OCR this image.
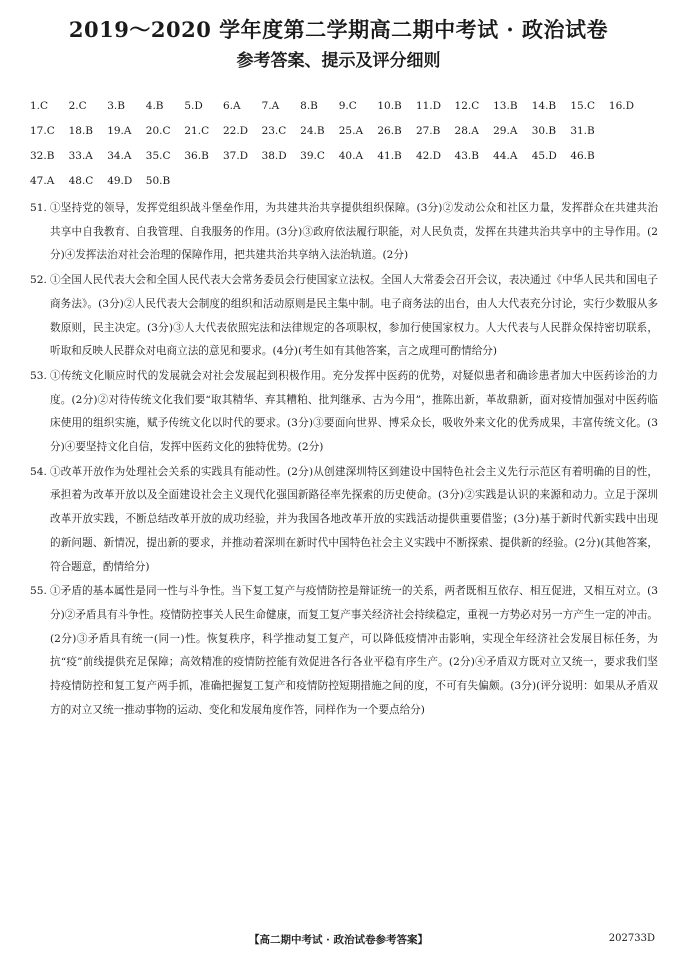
2019～2020 学年度第二学期高二期中考试 · 政治试卷
参考答案、提示及评分细则
1.C	2.C	3.B	4.B	5.D	6.A	7.A	8.B	9.C	10.B	11.D	12.C	13.B	14.B	15.C	16.D
17.C	18.B	19.A	20.C	21.C	22.D	23.C	24.B	25.A	26.B	27.B	28.A	29.A	30.B	31.B
32.B	33.A	34.A	35.C	36.B	37.D	38.D	39.C	40.A	41.B	42.D	43.B	44.A	45.D	46.B
47.A	48.C	49.D	50.B
51. ①坚持党的领导，发挥党组织战斗堡垒作用，为共建共治共享提供组织保障。(3分)②发动公众和社区力量，发挥群众在共建共治共享中自我教育、自我管理、自我服务的作用。(3分)③政府依法履行职能，对人民负责，发挥在共建共治共享中的主导作用。(2分)④发挥法治对社会治理的保障作用，把共建共治共享纳入法治轨道。(2分)
52. ①全国人民代表大会和全国人民代表大会常务委员会行使国家立法权。全国人大常委会召开会议，表决通过《中华人民共和国电子商务法》。(3分)②人民代表大会制度的组织和活动原则是民主集中制。电子商务法的出台，由人大代表充分讨论，实行少数服从多数原则，民主决定。(3分)③人大代表依照宪法和法律规定的各项职权，参加行使国家权力。人大代表与人民群众保持密切联系，听取和反映人民群众对电商立法的意见和要求。(4分)(考生如有其他答案，言之成理可酌情给分)
53. ①传统文化顺应时代的发展就会对社会发展起到积极作用。充分发挥中医药的优势，对疑似患者和确诊患者加大中医药诊治的力度。(2分)②对待传统文化我们要“取其精华、弃其糟粕、批判继承、古为今用”，推陈出新，革故鼎新，面对疫情加强对中医药临床使用的组织实施，赋予传统文化以时代的要求。(3分)③要面向世界、博采众长，吸收外来文化的优秀成果，丰富传统文化。(3分)④要坚持文化自信，发挥中医药文化的独特优势。(2分)
54. ①改革开放作为处理社会关系的实践具有能动性。(2分)从创建深圳特区到建设中国特色社会主义先行示范区有着明确的目的性，承担着为改革开放以及全面建设社会主义现代化强国新路径率先探索的历史使命。(3分)②实践是认识的来源和动力。立足于深圳改革开放实践，不断总结改革开放的成功经验，并为我国各地改革开放的实践活动提供重要借鉴；(3分)基于新时代新实践中出现的新问题、新情况，提出新的要求，并推动着深圳在新时代中国特色社会主义实践中不断探索、提供新的经验。(2分)(其他答案，符合题意，酌情给分)
55. ①矛盾的基本属性是同一性与斗争性。当下复工复产与疫情防控是辩证统一的关系，两者既相互依存、相互促进，又相互对立。(3分)②矛盾具有斗争性。疫情防控事关人民生命健康，而复工复产事关经济社会持续稳定，重视一方势必对另一方产生一定的冲击。(2分)③矛盾具有统一(同一)性。恢复秩序，科学推动复工复产，可以降低疫情冲击影响，实现全年经济社会发展目标任务，为抗“疫”前线提供充足保障；高效精准的疫情防控能有效促进各行各业平稳有序生产。(2分)④矛盾双方既对立又统一，要求我们坚持疫情防控和复工复产两手抓，准确把握复工复产和疫情防控短期措施之间的度，不可有失偏颇。(3分)(评分说明：如果从矛盾双方的对立又统一推动事物的运动、变化和发展角度作答，同样作为一个要点给分)
【高二期中考试 · 政治试卷参考答案】	202733D
